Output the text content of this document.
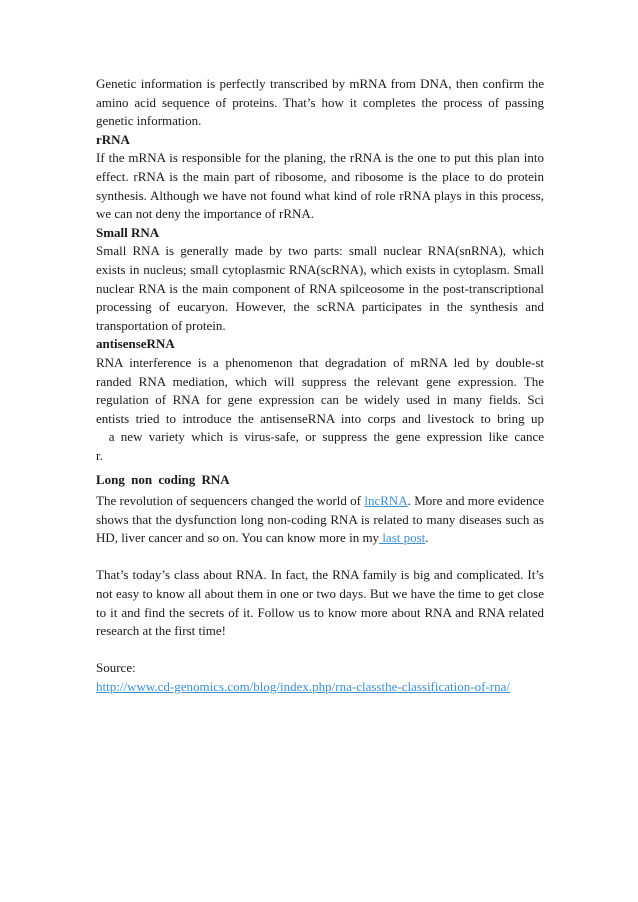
Genetic information is perfectly transcribed by mRNA from DNA, then confirm the amino acid sequence of proteins. That’s how it completes the process of passing genetic information.

rRNA

If the mRNA is responsible for the planing, the rRNA is the one to put this plan into effect. rRNA is the main part of ribosome, and ribosome is the place to do protein synthesis. Although we have not found what kind of role rRNA plays in this process, we can not deny the importance of rRNA.

Small RNA

Small RNA is generally made by two parts: small nuclear RNA(snRNA), which exists in nucleus; small cytoplasmic RNA(scRNA), which exists in cytoplasm. Small nuclear RNA is the main component of RNA spilceosome in the post-transcriptional processing of eucaryon. However, the scRNA participates in the synthesis and transportation of protein.

antisenseRNA

RNA interference is a phenomenon that degradation of mRNA led by double-st

randed RNA mediation, which will suppress the relevant gene expression. The

regulation of RNA for gene expression can be widely used in many fields. Sci

entists tried to introduce the antisenseRNA into corps and livestock to bring up

a new variety which is virus-safe, or suppress the gene expression like cance

r.

Long non coding RNA

The revolution of sequencers changed the world of lncRNA. More and more evidence shows that the dysfunction long non-coding RNA is related to many diseases such as HD, liver cancer and so on. You can know more in my last post.

That’s today’s class about RNA. In fact, the RNA family is big and complicated. It’s not easy to know all about them in one or two days. But we have the time to get close to it and find the secrets of it. Follow us to know more about RNA and RNA related research at the first time!

Source:

http://www.cd-genomics.com/blog/index.php/rna-classthe-classification-of-rna/
